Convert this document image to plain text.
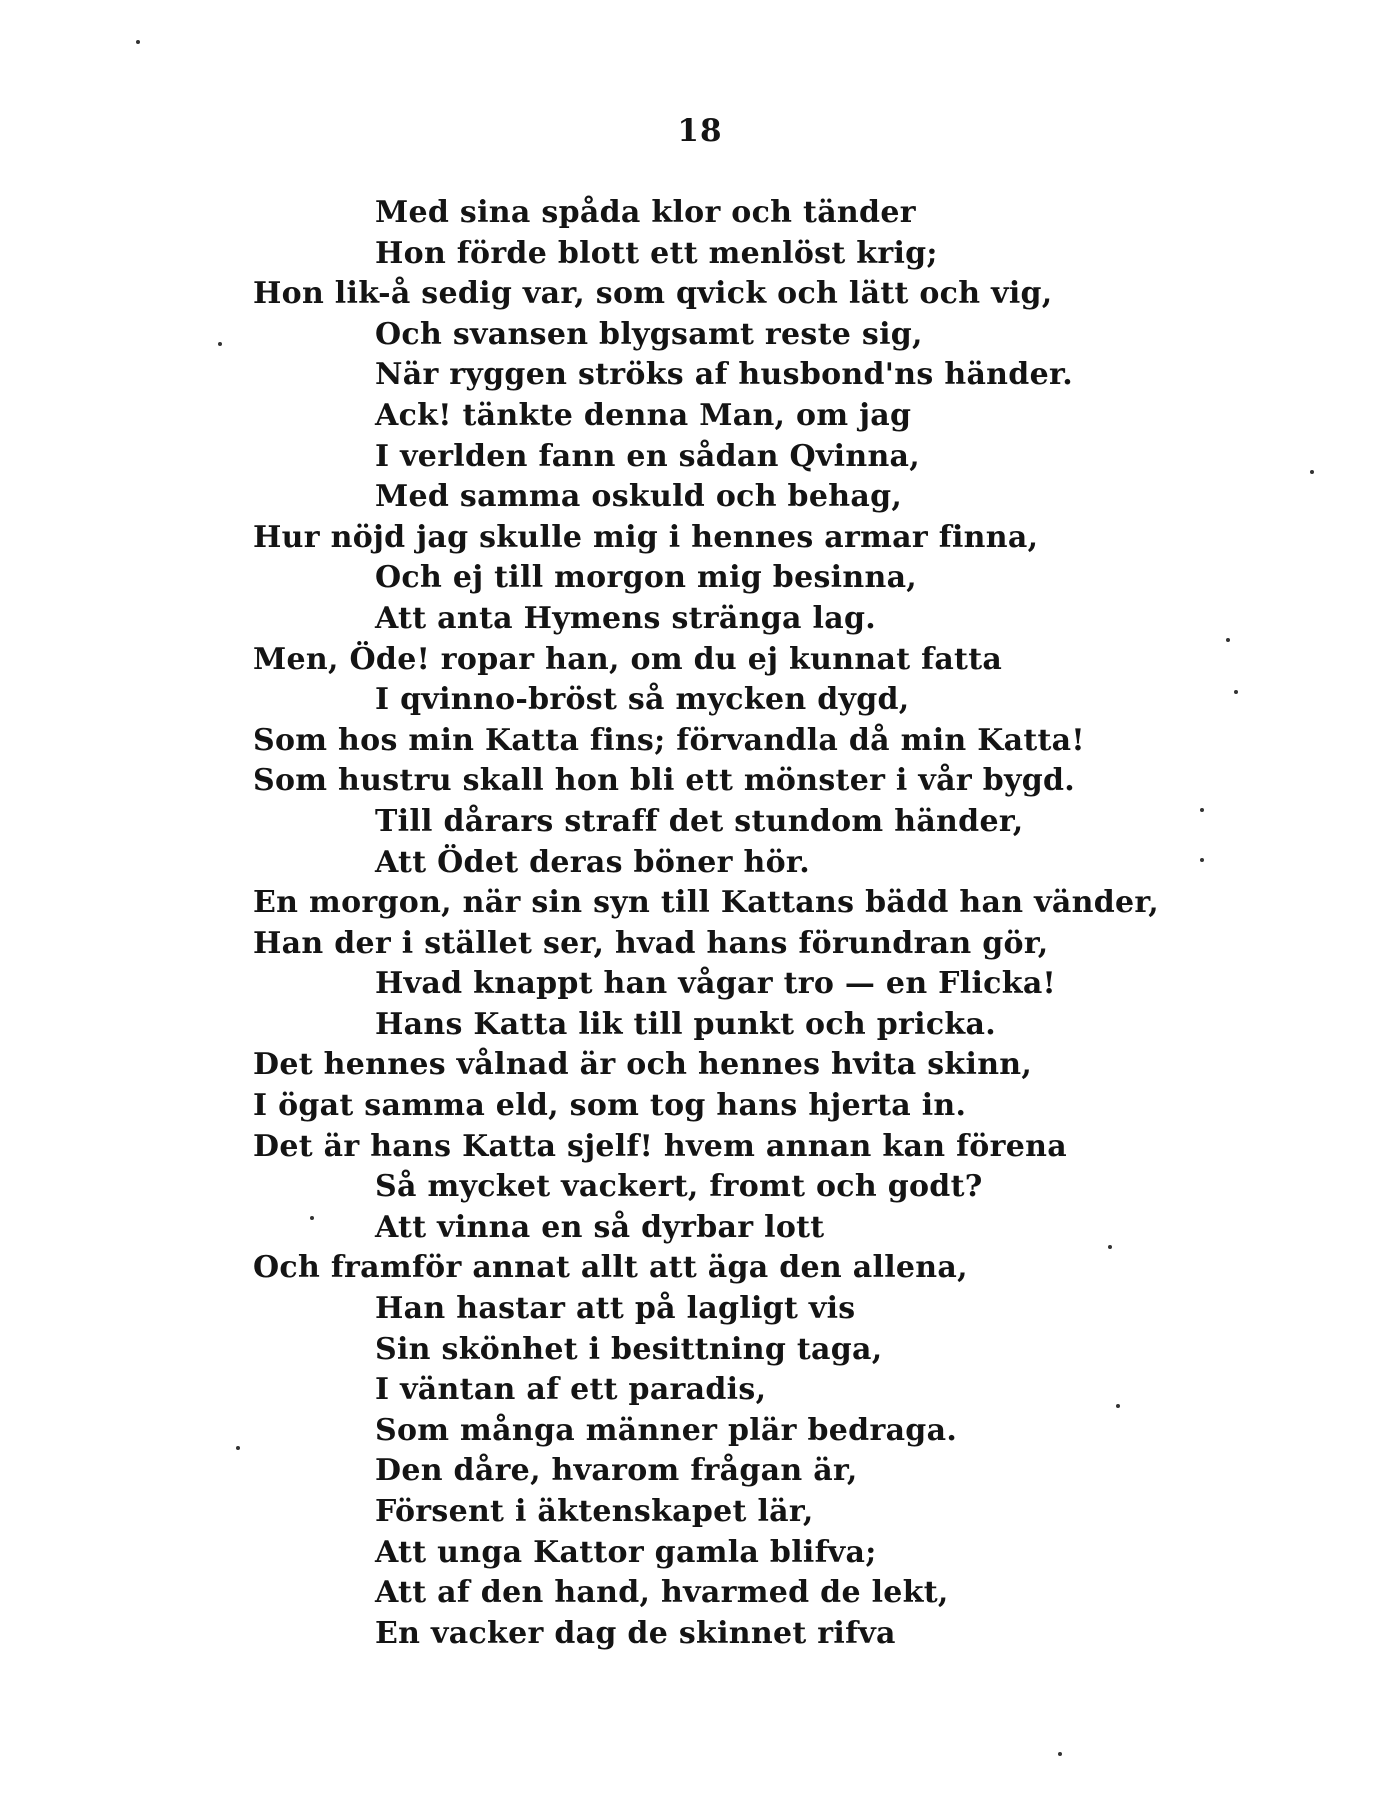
18
Med sina spåda klor och tänder
Hon förde blott ett menlöst krig;
Hon lik-å sedig var, som qvick och lätt och vig,
Och svansen blygsamt reste sig,
När ryggen ströks af husbond'ns händer.
Ack! tänkte denna Man, om jag
I verlden fann en sådan Qvinna,
Med samma oskuld och behag,
Hur nöjd jag skulle mig i hennes armar finna,
Och ej till morgon mig besinna,
Att anta Hymens stränga lag.
Men, Öde! ropar han, om du ej kunnat fatta
I qvinno-bröst så mycken dygd,
Som hos min Katta fins; förvandla då min Katta!
Som hustru skall hon bli ett mönster i vår bygd.
Till dårars straff det stundom händer,
Att Ödet deras böner hör.
En morgon, när sin syn till Kattans bädd han vänder,
Han der i stället ser, hvad hans förundran gör,
Hvad knappt han vågar tro — en Flicka!
Hans Katta lik till punkt och pricka.
Det hennes vålnad är och hennes hvita skinn,
I ögat samma eld, som tog hans hjerta in.
Det är hans Katta sjelf! hvem annan kan förena
Så mycket vackert, fromt och godt?
Att vinna en så dyrbar lott
Och framför annat allt att äga den allena,
Han hastar att på lagligt vis
Sin skönhet i besittning taga,
I väntan af ett paradis,
Som många männer plär bedraga.
Den dåre, hvarom frågan är,
Försent i äktenskapet lär,
Att unga Kattor gamla blifva;
Att af den hand, hvarmed de lekt,
En vacker dag de skinnet rifva
